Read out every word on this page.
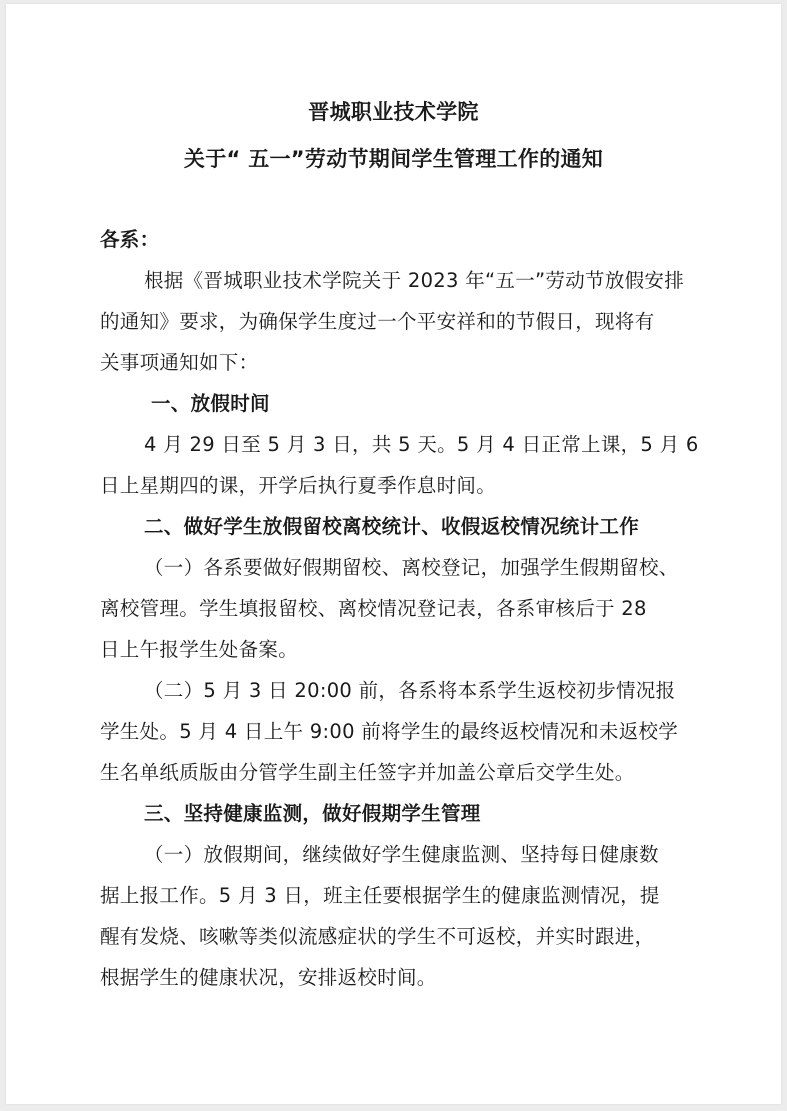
晋城职业技术学院
关于“ 五一”劳动节期间学生管理工作的通知
各系：
根据《晋城职业技术学院关于 2023 年“五一”劳动节放假安排
的通知》要求，为确保学生度过一个平安祥和的节假日，现将有
关事项通知如下：
一、放假时间
4 月 29 日至 5 月 3 日，共 5 天。5 月 4 日正常上课，5 月 6
日上星期四的课，开学后执行夏季作息时间。
二、做好学生放假留校离校统计、收假返校情况统计工作
（一）各系要做好假期留校、离校登记，加强学生假期留校、
离校管理。学生填报留校、离校情况登记表，各系审核后于 28
日上午报学生处备案。
（二）5 月 3 日 20:00 前，各系将本系学生返校初步情况报
学生处。5 月 4 日上午 9:00 前将学生的最终返校情况和未返校学
生名单纸质版由分管学生副主任签字并加盖公章后交学生处。
三、坚持健康监测，做好假期学生管理
（一）放假期间，继续做好学生健康监测、坚持每日健康数
据上报工作。5 月 3 日，班主任要根据学生的健康监测情况，提
醒有发烧、咳嗽等类似流感症状的学生不可返校，并实时跟进，
根据学生的健康状况，安排返校时间。
